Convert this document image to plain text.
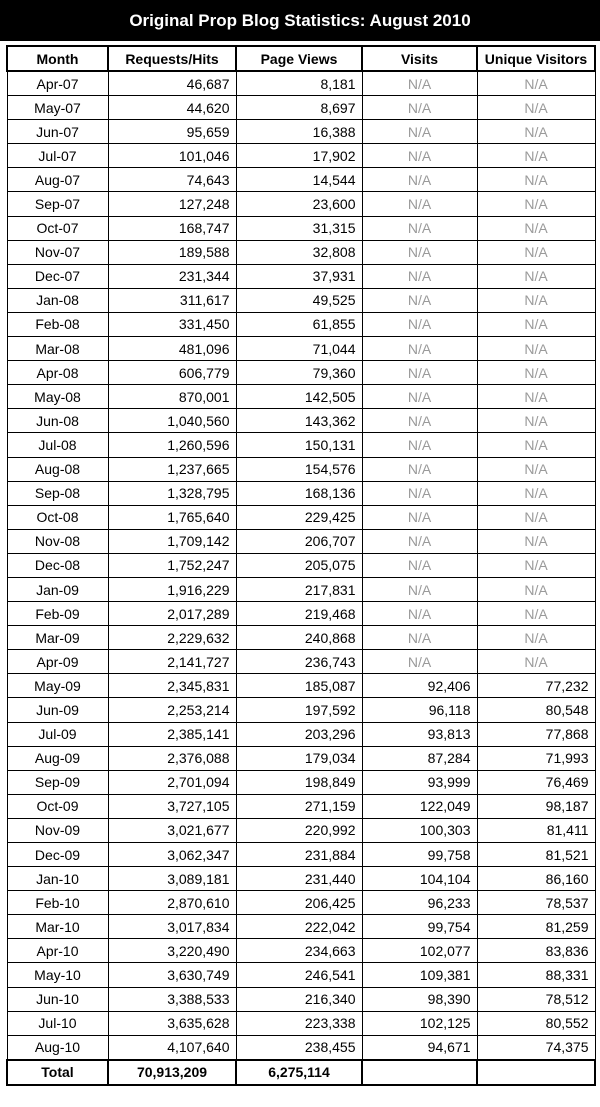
Original Prop Blog Statistics: August 2010
Month	Requests/Hits	Page Views	Visits	Unique Visitors
Apr-07	46,687	8,181	N/A	N/A
May-07	44,620	8,697	N/A	N/A
Jun-07	95,659	16,388	N/A	N/A
Jul-07	101,046	17,902	N/A	N/A
Aug-07	74,643	14,544	N/A	N/A
Sep-07	127,248	23,600	N/A	N/A
Oct-07	168,747	31,315	N/A	N/A
Nov-07	189,588	32,808	N/A	N/A
Dec-07	231,344	37,931	N/A	N/A
Jan-08	311,617	49,525	N/A	N/A
Feb-08	331,450	61,855	N/A	N/A
Mar-08	481,096	71,044	N/A	N/A
Apr-08	606,779	79,360	N/A	N/A
May-08	870,001	142,505	N/A	N/A
Jun-08	1,040,560	143,362	N/A	N/A
Jul-08	1,260,596	150,131	N/A	N/A
Aug-08	1,237,665	154,576	N/A	N/A
Sep-08	1,328,795	168,136	N/A	N/A
Oct-08	1,765,640	229,425	N/A	N/A
Nov-08	1,709,142	206,707	N/A	N/A
Dec-08	1,752,247	205,075	N/A	N/A
Jan-09	1,916,229	217,831	N/A	N/A
Feb-09	2,017,289	219,468	N/A	N/A
Mar-09	2,229,632	240,868	N/A	N/A
Apr-09	2,141,727	236,743	N/A	N/A
May-09	2,345,831	185,087	92,406	77,232
Jun-09	2,253,214	197,592	96,118	80,548
Jul-09	2,385,141	203,296	93,813	77,868
Aug-09	2,376,088	179,034	87,284	71,993
Sep-09	2,701,094	198,849	93,999	76,469
Oct-09	3,727,105	271,159	122,049	98,187
Nov-09	3,021,677	220,992	100,303	81,411
Dec-09	3,062,347	231,884	99,758	81,521
Jan-10	3,089,181	231,440	104,104	86,160
Feb-10	2,870,610	206,425	96,233	78,537
Mar-10	3,017,834	222,042	99,754	81,259
Apr-10	3,220,490	234,663	102,077	83,836
May-10	3,630,749	246,541	109,381	88,331
Jun-10	3,388,533	216,340	98,390	78,512
Jul-10	3,635,628	223,338	102,125	80,552
Aug-10	4,107,640	238,455	94,671	74,375
Total	70,913,209	6,275,114		
